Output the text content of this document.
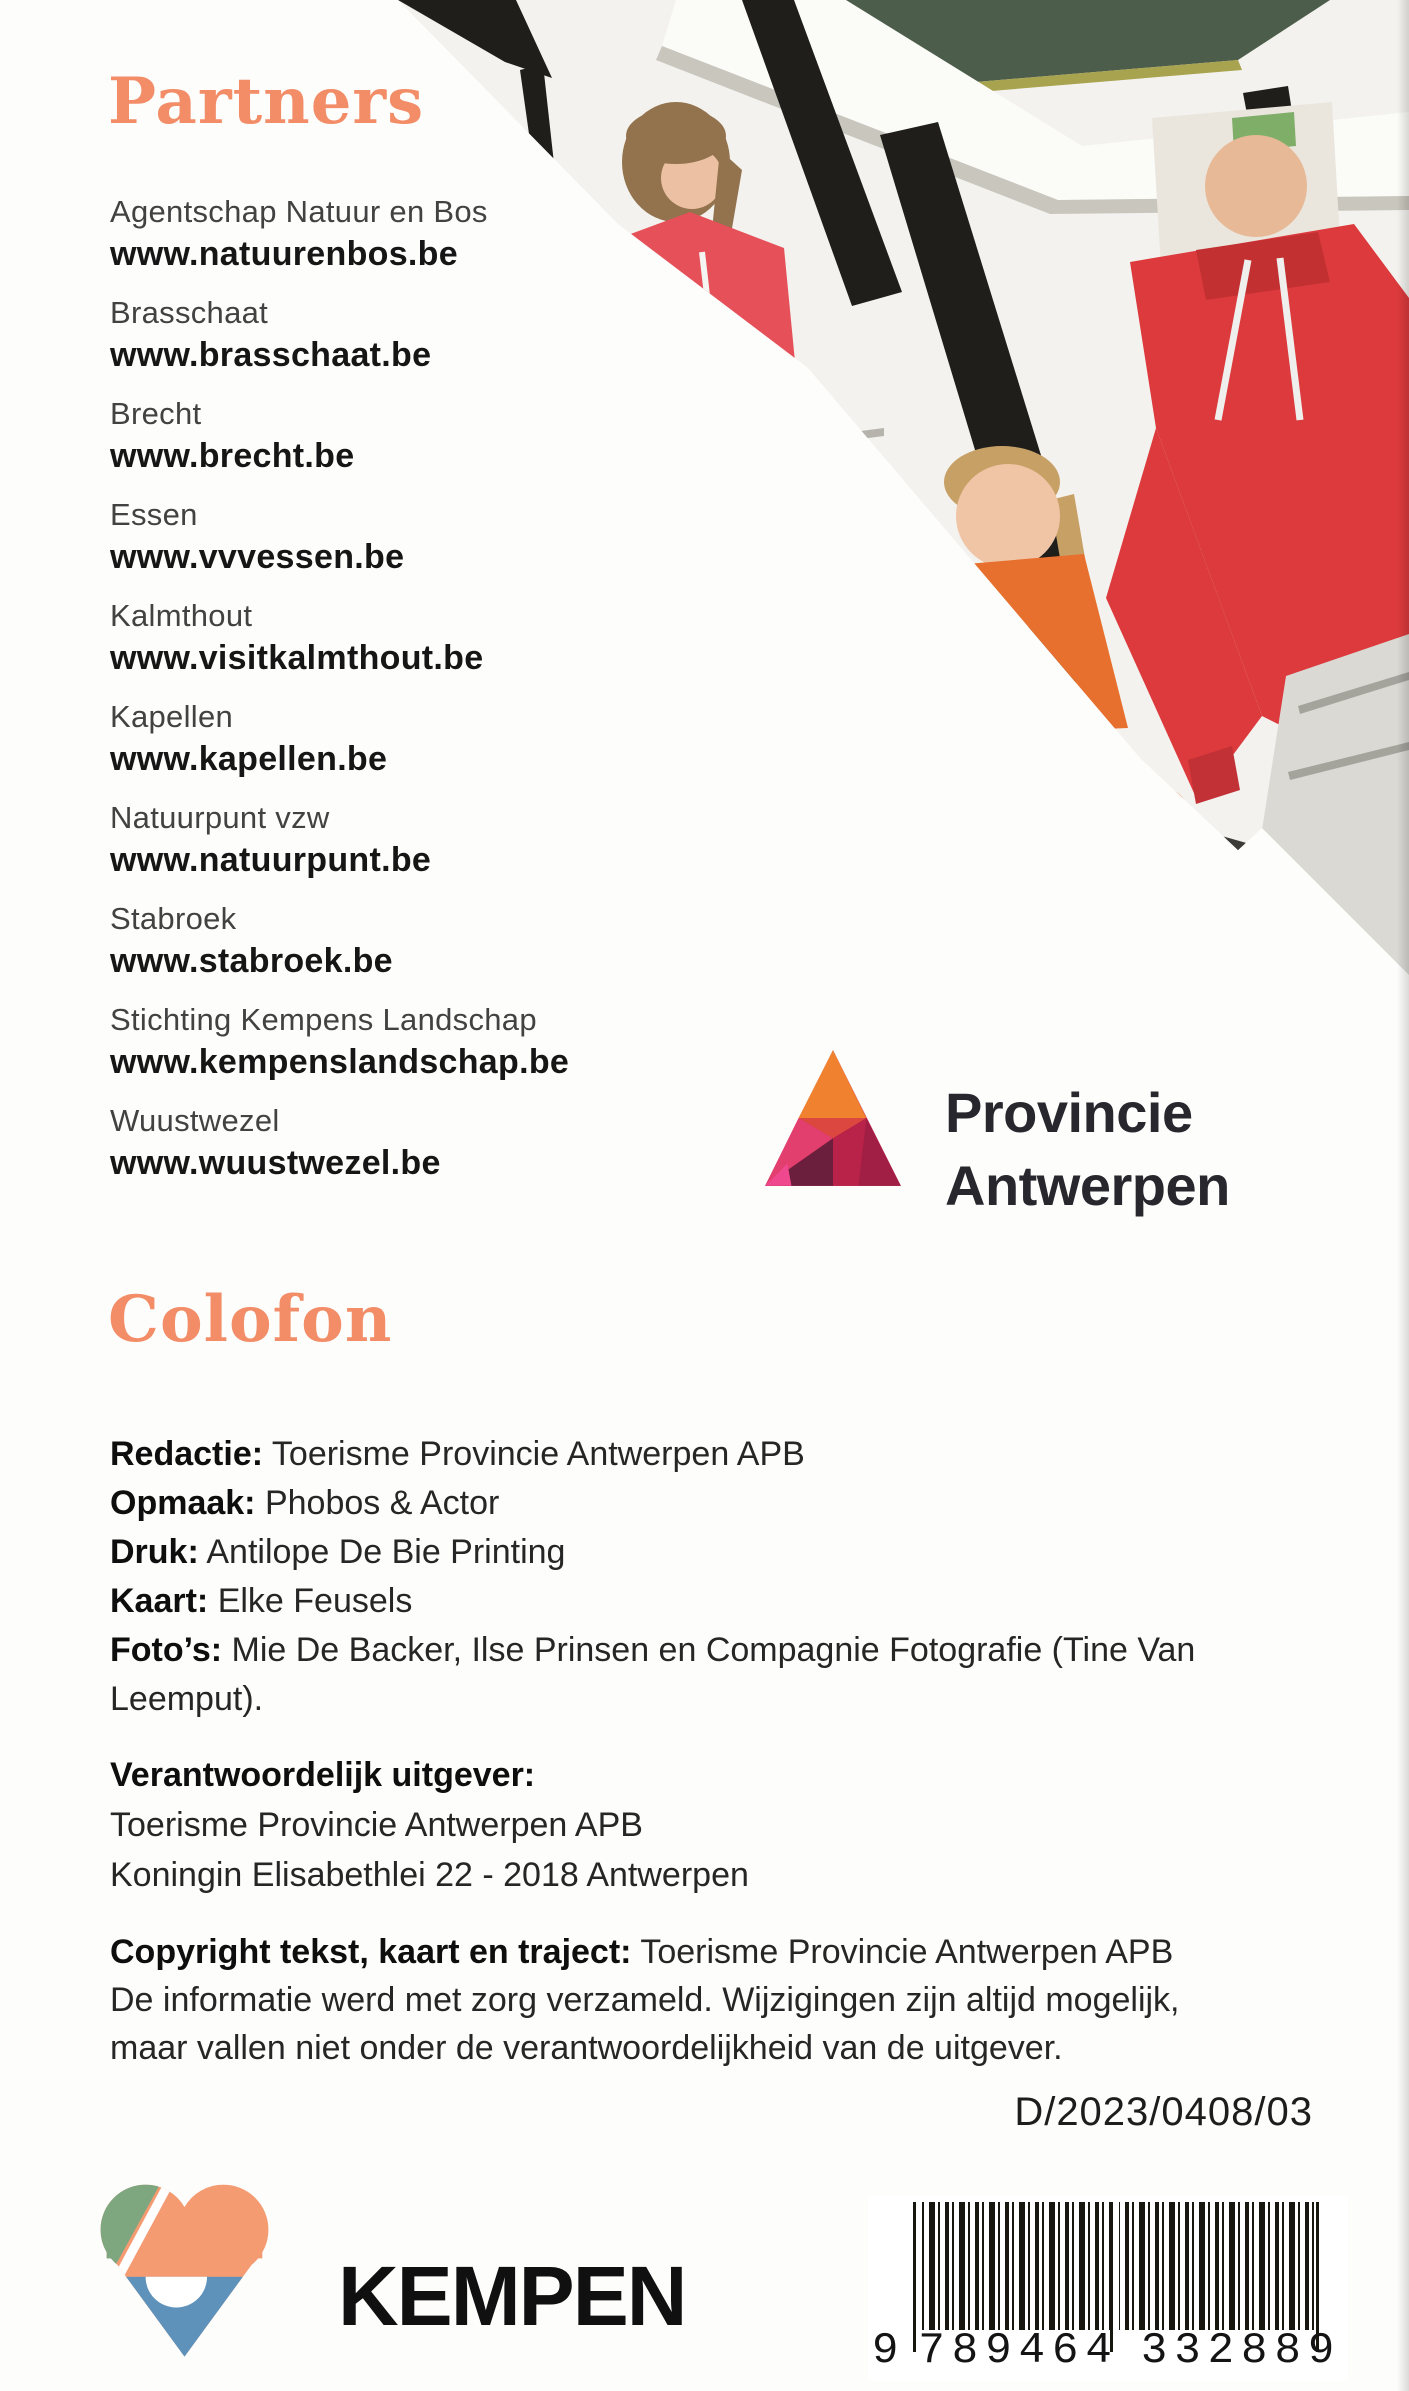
Partners
Agentschap Natuur en Bos
www.natuurenbos.be
Brasschaat
www.brasschaat.be
Brecht
www.brecht.be
Essen
www.vvvessen.be
Kalmthout
www.visitkalmthout.be
Kapellen
www.kapellen.be
Natuurpunt vzw
www.natuurpunt.be
Stabroek
www.stabroek.be
Stichting Kempens Landschap
www.kempenslandschap.be
Wuustwezel
www.wuustwezel.be
Provincie
Antwerpen
Colofon
Redactie: Toerisme Provincie Antwerpen APB
Opmaak: Phobos & Actor
Druk: Antilope De Bie Printing
Kaart: Elke Feusels
Foto’s: Mie De Backer, Ilse Prinsen en Compagnie Fotografie (Tine Van Leemput).
Verantwoordelijk uitgever:
Toerisme Provincie Antwerpen APB
Koningin Elisabethlei 22 - 2018 Antwerpen
Copyright tekst, kaart en traject: Toerisme Provincie Antwerpen APB
De informatie werd met zorg verzameld. Wijzigingen zijn altijd mogelijk,
maar vallen niet onder de verantwoordelijkheid van de uitgever.
D/2023/0408/03
KEMPEN
9 789464 332889
